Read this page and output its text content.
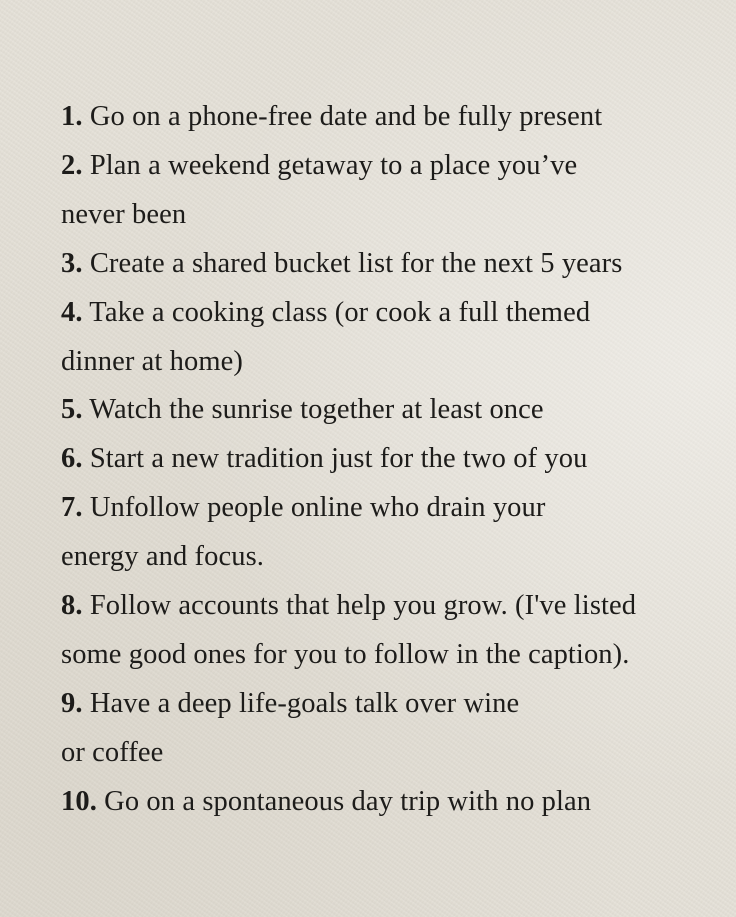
1. Go on a phone-free date and be fully present
2. Plan a weekend getaway to a place you’ve
never been
3. Create a shared bucket list for the next 5 years
4. Take a cooking class (or cook a full themed
dinner at home)
5. Watch the sunrise together at least once
6. Start a new tradition just for the two of you
7. Unfollow people online who drain your
energy and focus.
8. Follow accounts that help you grow. (I've listed
some good ones for you to follow in the caption).
9. Have a deep life-goals talk over wine
or coffee
10. Go on a spontaneous day trip with no plan
